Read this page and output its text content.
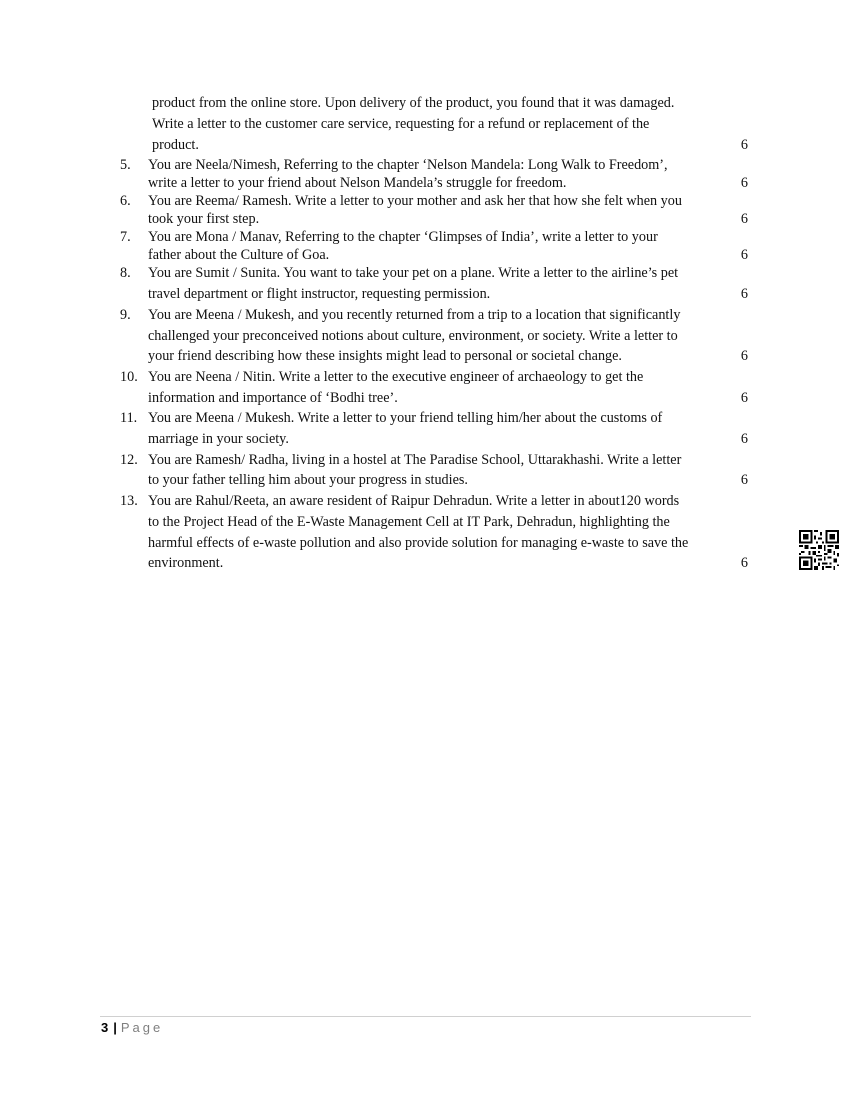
product from the online store. Upon delivery of the product, you found that it was damaged.
Write a letter to the customer care service, requesting for a refund or replacement of the
product.	6
5.	You are Neela/Nimesh, Referring to the chapter ‘Nelson Mandela: Long Walk to Freedom’,
write a letter to your friend about Nelson Mandela’s struggle for freedom.	6
6.	You are Reema/ Ramesh. Write a letter to your mother and ask her that how she felt when you
took your first step.	6
7.	You are Mona / Manav, Referring to the chapter ‘Glimpses of India’, write a letter to your
father about the Culture of Goa.	6
8.	You are Sumit / Sunita. You want to take your pet on a plane. Write a letter to the airline’s pet
travel department or flight instructor, requesting permission.	6
9.	You are Meena / Mukesh, and you recently returned from a trip to a location that significantly
challenged your preconceived notions about culture, environment, or society. Write a letter to
your friend describing how these insights might lead to personal or societal change.	6
10. You are Neena / Nitin. Write a letter to the executive engineer of archaeology to get the
information and importance of ‘Bodhi tree’.	6
11. You are Meena / Mukesh. Write a letter to your friend telling him/her about the customs of
marriage in your society.	6
12. You are Ramesh/ Radha, living in a hostel at The Paradise School, Uttarakhashi. Write a letter
to your father telling him about your progress in studies.	6
13. You are Rahul/Reeta, an aware resident of Raipur Dehradun. Write a letter in about120 words
to the Project Head of the E-Waste Management Cell at IT Park, Dehradun, highlighting the
harmful effects of e-waste pollution and also provide solution for managing e-waste to save the
environment.	6
3 | Page
